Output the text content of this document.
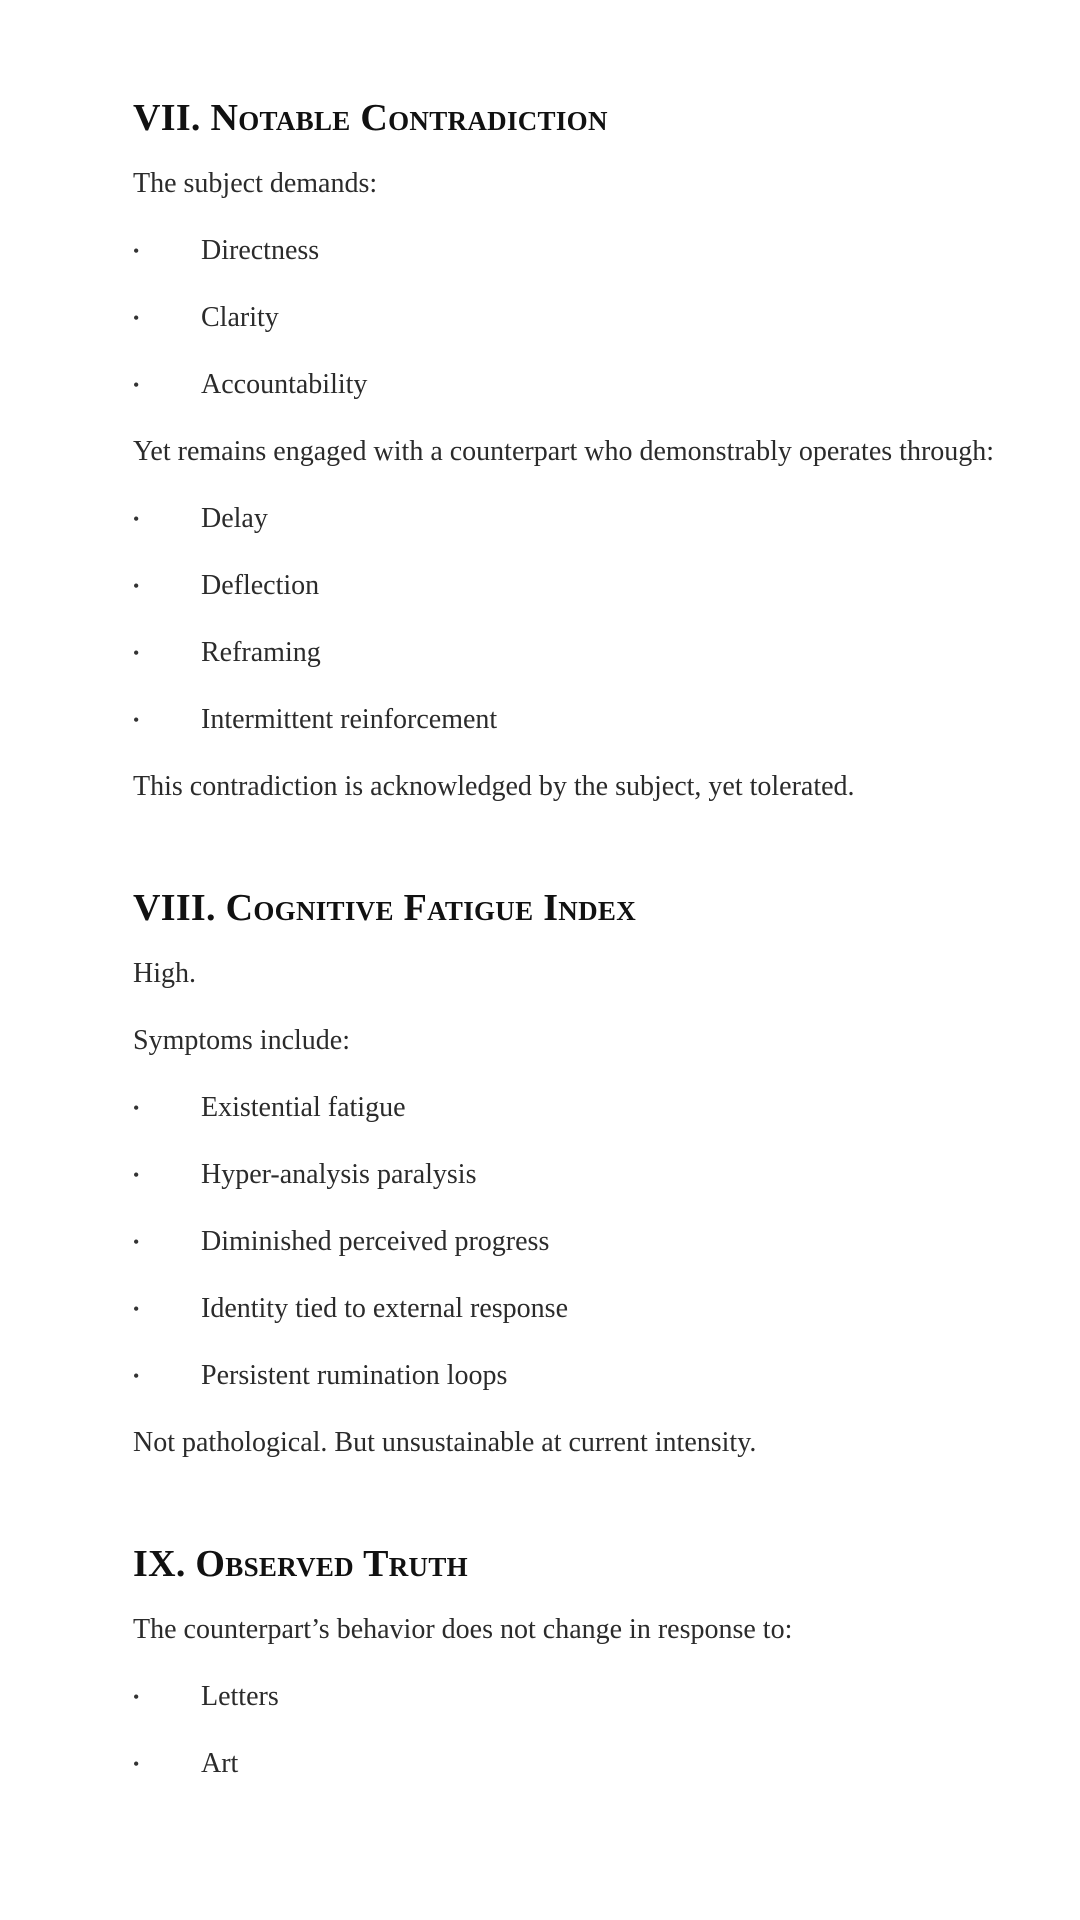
VII. Notable Contradiction

The subject demands:

• Directness
• Clarity
• Accountability

Yet remains engaged with a counterpart who demonstrably operates through:

• Delay
• Deflection
• Reframing
• Intermittent reinforcement

This contradiction is acknowledged by the subject, yet tolerated.

VIII. Cognitive Fatigue Index

High.

Symptoms include:

• Existential fatigue
• Hyper-analysis paralysis
• Diminished perceived progress
• Identity tied to external response
• Persistent rumination loops

Not pathological. But unsustainable at current intensity.

IX. Observed Truth

The counterpart’s behavior does not change in response to:

• Letters
• Art
